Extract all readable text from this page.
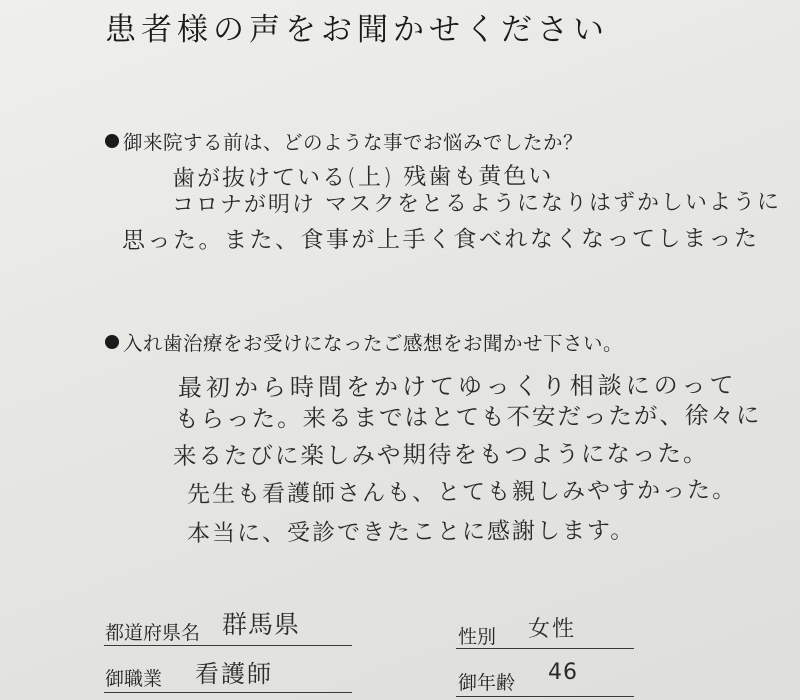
患者様の声をお聞かせください
御来院する前は、どのような事でお悩みでしたか？
歯が抜けている(上) 残歯も黄色い
コロナが明け マスクをとるようになりはずかしいように
思った。また、食事が上手く食べれなくなってしまった
入れ歯治療をお受けになったご感想をお聞かせ下さい。
最初から時間をかけてゆっくり相談にのって
もらった。来るまではとても不安だったが、徐々に
来るたびに楽しみや期待をもつようになった。
先生も看護師さんも、とても親しみやすかった。
本当に、受診できたことに感謝します。
都道府県名 群馬県	性別 女性
御職業 看護師	御年齢 46
